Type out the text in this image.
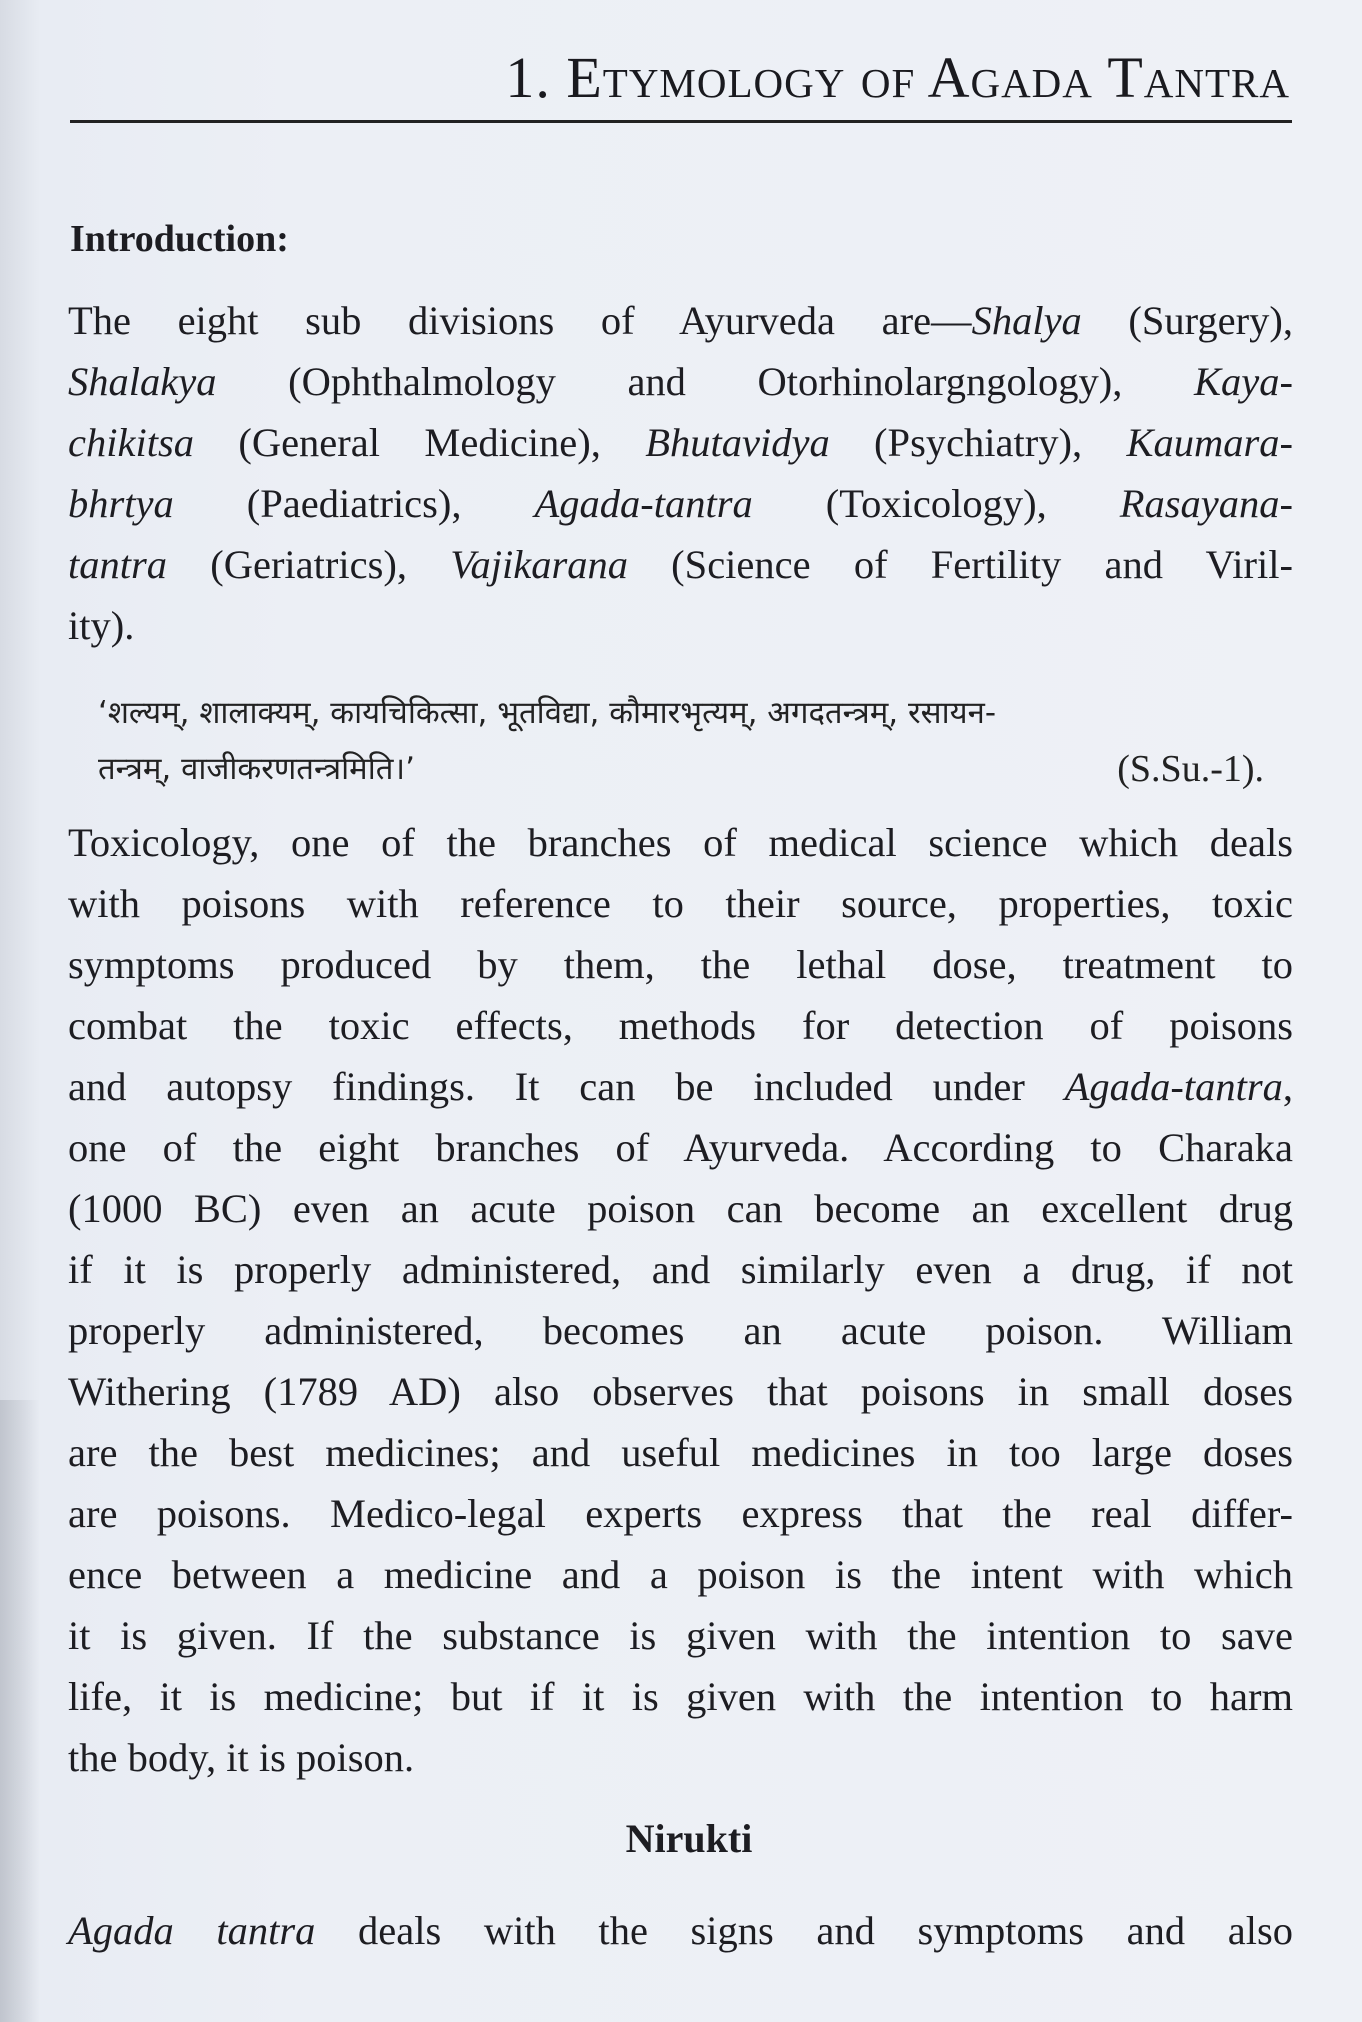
1. Etymology of Agada Tantra
Introduction:
The eight sub divisions of Ayurveda are—Shalya (Surgery),
Shalakya (Ophthalmology and Otorhinolargngology), Kaya-
chikitsa (General Medicine), Bhutavidya (Psychiatry), Kaumara-
bhrtya (Paediatrics), Agada-tantra (Toxicology), Rasayana-
tantra (Geriatrics), Vajikarana (Science of Fertility and Viril-
ity).
‘शल्यम्, शालाक्यम्, कायचिकित्सा, भूतविद्या, कौमारभृत्यम्, अगदतन्त्रम्, रसायन-
तन्त्रम्, वाजीकरणतन्त्रमिति।’	(S.Su.-1).
Toxicology, one of the branches of medical science which deals
with poisons with reference to their source, properties, toxic
symptoms produced by them, the lethal dose, treatment to
combat the toxic effects, methods for detection of poisons
and autopsy findings. It can be included under Agada-tantra,
one of the eight branches of Ayurveda. According to Charaka
(1000 BC) even an acute poison can become an excellent drug
if it is properly administered, and similarly even a drug, if not
properly administered, becomes an acute poison. William
Withering (1789 AD) also observes that poisons in small doses
are the best medicines; and useful medicines in too large doses
are poisons. Medico-legal experts express that the real differ-
ence between a medicine and a poison is the intent with which
it is given. If the substance is given with the intention to save
life, it is medicine; but if it is given with the intention to harm
the body, it is poison.
Nirukti
Agada tantra deals with the signs and symptoms and also
